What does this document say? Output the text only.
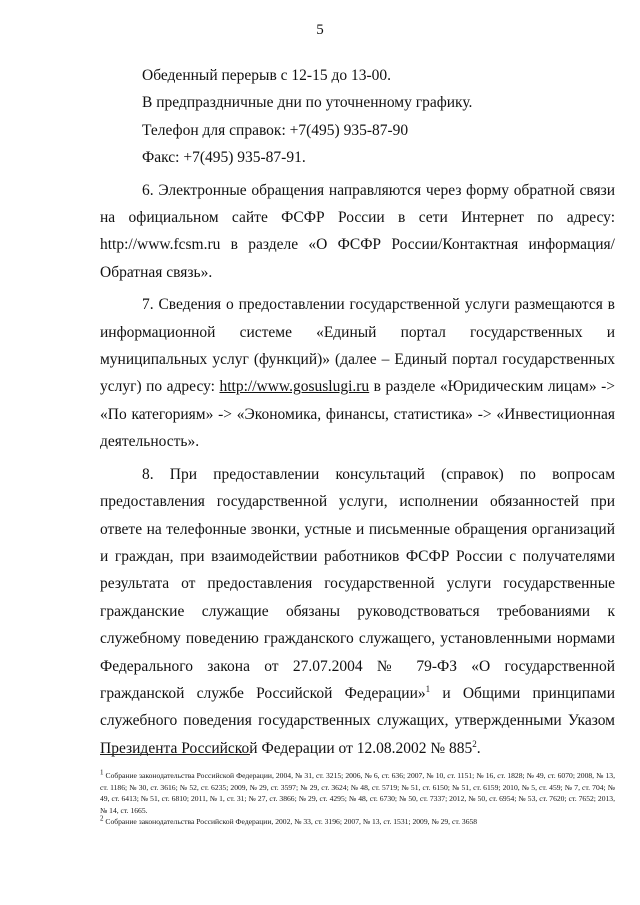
5

Обеденный перерыв с 12-15 до 13-00.

В предпраздничные дни по уточненному графику.

Телефон для справок: +7(495) 935-87-90

Факс: +7(495) 935-87-91.

6. Электронные обращения направляются через форму обратной связи на официальном сайте ФСФР России в сети Интернет по адресу: http://www.fcsm.ru в разделе «О ФСФР России/Контактная информация/Обратная связь».

7. Сведения о предоставлении государственной услуги размещаются в информационной системе «Единый портал государственных и муниципальных услуг (функций)» (далее – Единый портал государственных услуг) по адресу: http://www.gosuslugi.ru в разделе «Юридическим лицам» -> «По категориям» -> «Экономика, финансы, статистика» -> «Инвестиционная деятельность».

8. При предоставлении консультаций (справок) по вопросам предоставления государственной услуги, исполнении обязанностей при ответе на телефонные звонки, устные и письменные обращения организаций и граждан, при взаимодействии работников ФСФР России с получателями результата от предоставления государственной услуги государственные гражданские служащие обязаны руководствоваться требованиями к служебному поведению гражданского служащего, установленными нормами Федерального закона от 27.07.2004 № 79-ФЗ «О государственной гражданской службе Российской Федерации»$^1$ и Общими принципами служебного поведения государственных служащих, утвержденными Указом Президента Российской Федерации от 12.08.2002 № $885^2$.

$^1$ Собрание законодательства Российской Федерации, 2004, № 31, ст. 3215; 2006, № 6, ст. 636; 2007, № 10, ст. 1151; № 16, ст. 1828; № 49, ст. 6070; 2008, № 13, ст. 1186; № 30, ст. 3616; № 52, ст. 6235; 2009, № 29, ст. 3597; № 29, ст. 3624; № 48, ст. 5719; № 51, ст. 6150; № 51, ст. 6159; 2010, № 5, ст. 459; № 7, ст. 704; № 49, ст. 6413; № 51, ст. 6810; 2011, № 1, ст. 31; № 27, ст. 3866; № 29, ст. 4295; № 48, ст. 6730; № 50, ст. 7337; 2012, № 50, ст. 6954; № 53, ст. 7620; ст. 7652; 2013, № 14, ст. 1665.

$^2$ Собрание законодательства Российской Федерации, 2002, № 33, ст. 3196; 2007, № 13, ст. 1531; 2009, № 29, ст. 3658
